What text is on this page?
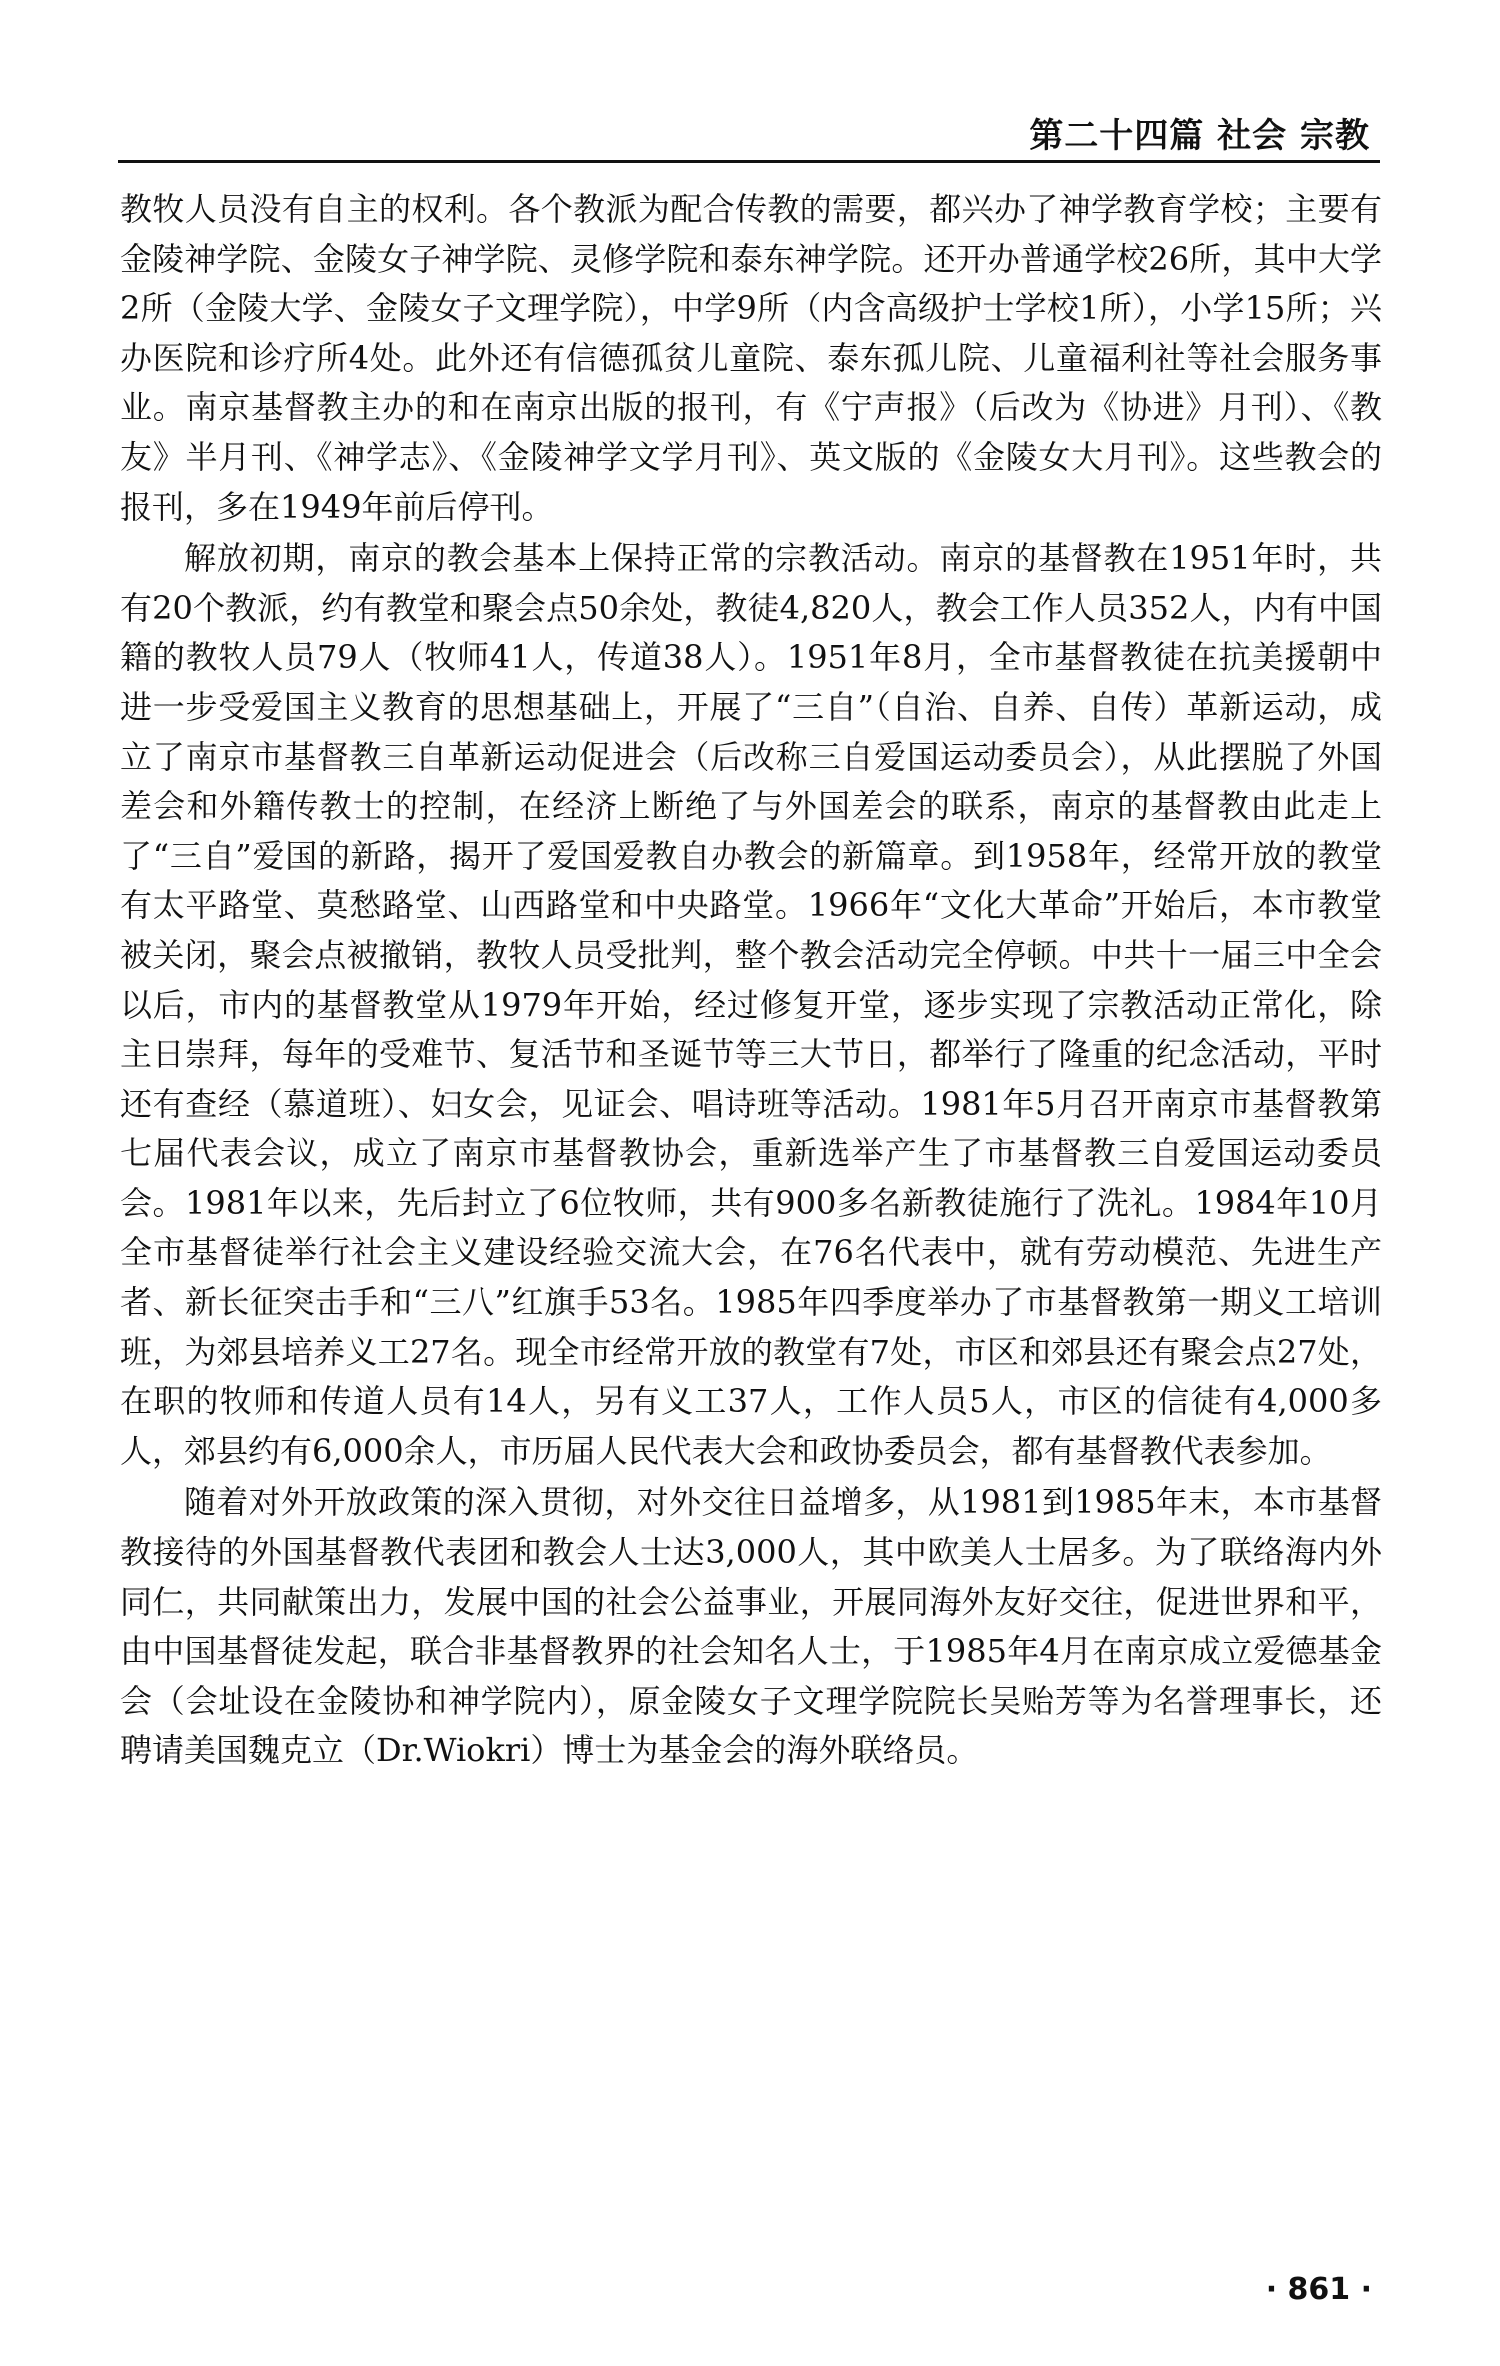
第二十四篇 社会 宗教

教牧人员没有自主的权利。各个教派为配合传教的需要，都兴办了神学教育学校；主要有金陵神学院、金陵女子神学院、灵修学院和泰东神学院。还开办普通学校26所，其中大学2所（金陵大学、金陵女子文理学院），中学9所（内含高级护士学校1所），小学15所；兴办医院和诊疗所4处。此外还有信德孤贫儿童院、泰东孤儿院、儿童福利社等社会服务事业。南京基督教主办的和在南京出版的报刊，有《宁声报》（后改为《协进》月刊）、《教友》半月刊、《神学志》、《金陵神学文学月刊》、英文版的《金陵女大月刊》。这些教会的报刊，多在1949年前后停刊。

解放初期，南京的教会基本上保持正常的宗教活动。南京的基督教在1951年时，共有20个教派，约有教堂和聚会点50余处，教徒4,820人，教会工作人员352人，内有中国籍的教牧人员79人（牧师41人，传道38人）。1951年8月，全市基督教徒在抗美援朝中进一步受爱国主义教育的思想基础上，开展了“三自”（自治、自养、自传）革新运动，成立了南京市基督教三自革新运动促进会（后改称三自爱国运动委员会），从此摆脱了外国差会和外籍传教士的控制，在经济上断绝了与外国差会的联系，南京的基督教由此走上了“三自”爱国的新路，揭开了爱国爱教自办教会的新篇章。到1958年，经常开放的教堂有太平路堂、莫愁路堂、山西路堂和中央路堂。1966年“文化大革命”开始后，本市教堂被关闭，聚会点被撤销，教牧人员受批判，整个教会活动完全停顿。中共十一届三中全会以后，市内的基督教堂从1979年开始，经过修复开堂，逐步实现了宗教活动正常化，除主日崇拜，每年的受难节、复活节和圣诞节等三大节日，都举行了隆重的纪念活动，平时还有查经（慕道班）、妇女会，见证会、唱诗班等活动。1981年5月召开南京市基督教第七届代表会议，成立了南京市基督教协会，重新选举产生了市基督教三自爱国运动委员会。1981年以来，先后封立了6位牧师，共有900多名新教徒施行了洗礼。1984年10月全市基督徒举行社会主义建设经验交流大会，在76名代表中，就有劳动模范、先进生产者、新长征突击手和“三八”红旗手53名。1985年四季度举办了市基督教第一期义工培训班，为郊县培养义工27名。现全市经常开放的教堂有7处，市区和郊县还有聚会点27处，在职的牧师和传道人员有14人，另有义工37人，工作人员5人，市区的信徒有4,000多人，郊县约有6,000余人，市历届人民代表大会和政协委员会，都有基督教代表参加。

随着对外开放政策的深入贯彻，对外交往日益增多，从1981到1985年末，本市基督教接待的外国基督教代表团和教会人士达3,000人，其中欧美人士居多。为了联络海内外同仁，共同献策出力，发展中国的社会公益事业，开展同海外友好交往，促进世界和平，由中国基督徒发起，联合非基督教界的社会知名人士，于1985年4月在南京成立爱德基金会（会址设在金陵协和神学院内），原金陵女子文理学院院长吴贻芳等为名誉理事长，还聘请美国魏克立（Dr.Wiokri）博士为基金会的海外联络员。

· 861 ·
